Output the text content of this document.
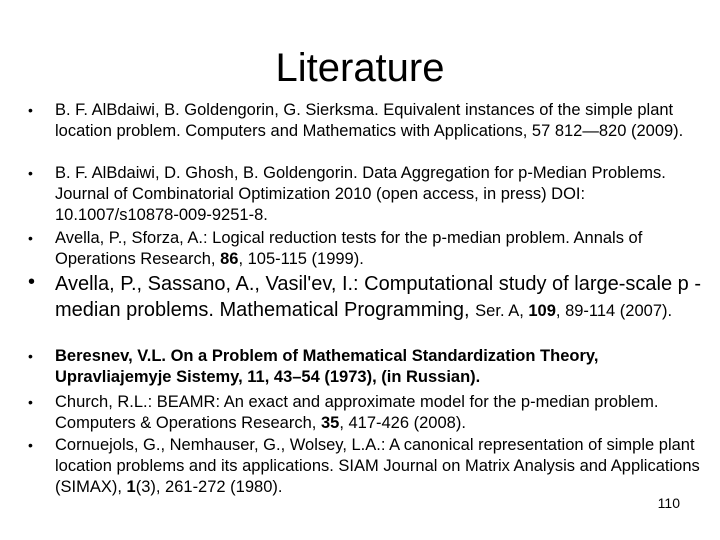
Literature
• B. F. AlBdaiwi, B. Goldengorin, G. Sierksma. Equivalent instances of the simple plant location problem. Computers and Mathematics with Applications, 57 812—820 (2009).
• B. F. AlBdaiwi, D. Ghosh, B. Goldengorin. Data Aggregation for p-Median Problems. Journal of Combinatorial Optimization 2010 (open access, in press) DOI: 10.1007/s10878-009-9251-8.
• Avella, P., Sforza, A.: Logical reduction tests for the p-median problem. Annals of Operations Research, 86, 105-115 (1999).
• Avella, P., Sassano, A., Vasil'ev, I.: Computational study of large-scale p -median problems. Mathematical Programming, Ser. A, 109, 89-114 (2007).
• Beresnev, V.L. On a Problem of Mathematical Standardization Theory, Upravliajemyje Sistemy, 11, 43–54 (1973), (in Russian).
• Church, R.L.: BEAMR: An exact and approximate model for the p-median problem. Computers & Operations Research, 35, 417-426 (2008).
• Cornuejols, G., Nemhauser, G., Wolsey, L.A.: A canonical representation of simple plant location problems and its applications. SIAM Journal on Matrix Analysis and Applications (SIMAX), 1(3), 261-272 (1980).
110
